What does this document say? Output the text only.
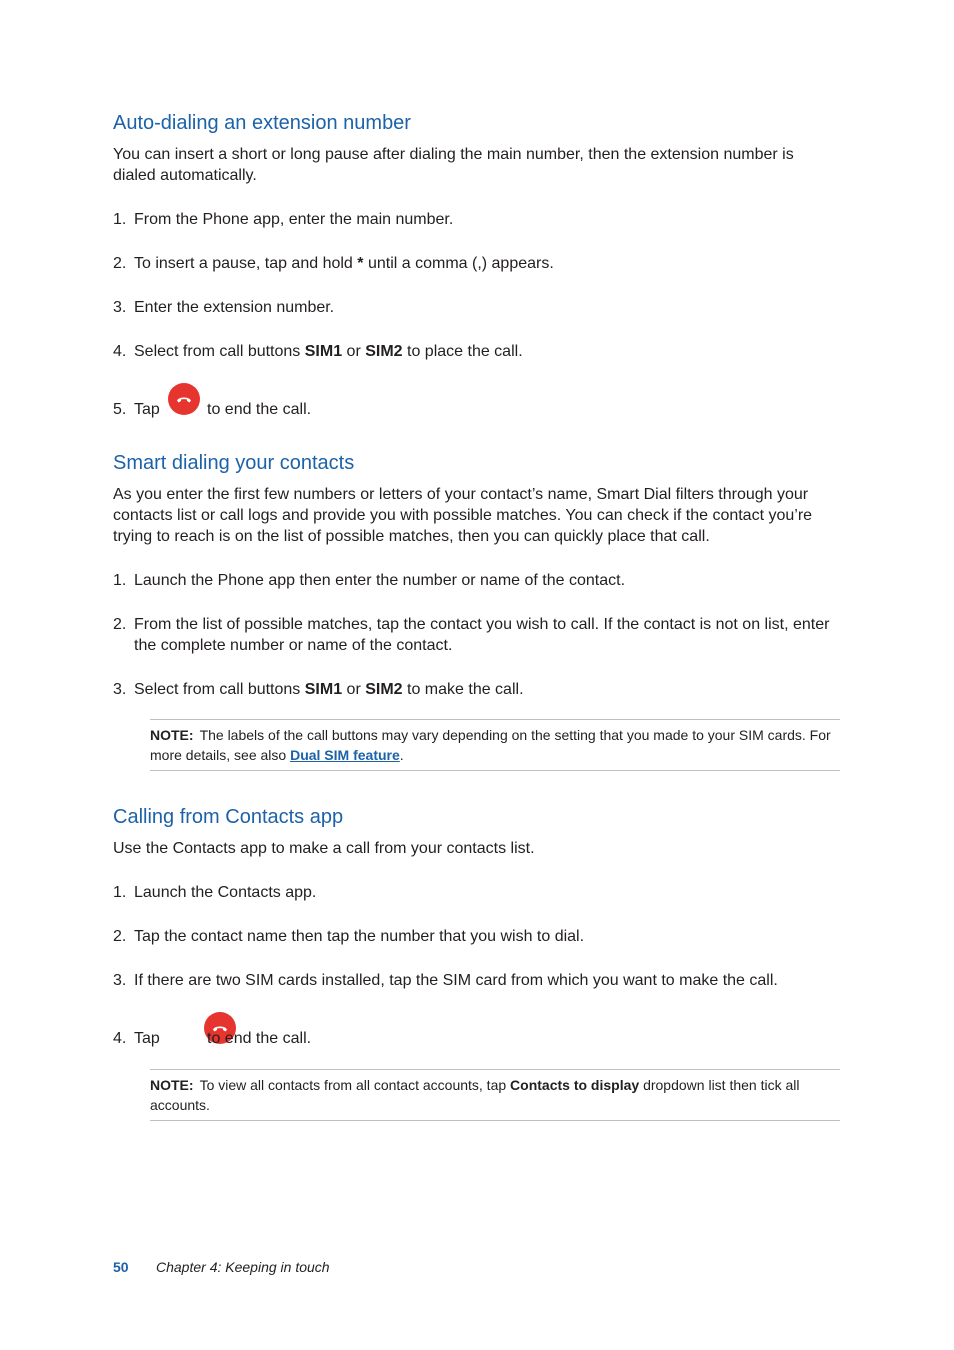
Auto-dialing an extension number
You can insert a short or long pause after dialing the main number, then the extension number is dialed automatically.
1. From the Phone app, enter the main number.
2. To insert a pause, tap and hold * until a comma (,) appears.
3. Enter the extension number.
4. Select from call buttons SIM1 or SIM2 to place the call.
5. Tap
	to end the call.
Smart dialing your contacts
As you enter the first few numbers or letters of your contact’s name, Smart Dial filters through your contacts list or call logs and provide you with possible matches. You can check if the contact you’re trying to reach is on the list of possible matches, then you can quickly place that call.
1. Launch the Phone app then enter the number or name of the contact.
2. From the list of possible matches, tap the contact you wish to call. If the contact is not on list, enter the complete number or name of the contact.
3. Select from call buttons SIM1 or SIM2 to make the call.
NOTE: The labels of the call buttons may vary depending on the setting that you made to your SIM cards. For more details, see also Dual SIM feature.
Calling from Contacts app
Use the Contacts app to make a call from your contacts list.
1. Launch the Contacts app.
2. Tap the contact name then tap the number that you wish to dial.
3. If there are two SIM cards installed, tap the SIM card from which you want to make the call.
4. Tap	to end the call.
NOTE: To view all contacts from all contact accounts, tap Contacts to display dropdown list then tick all accounts.
50 Chapter 4: Keeping in touch
